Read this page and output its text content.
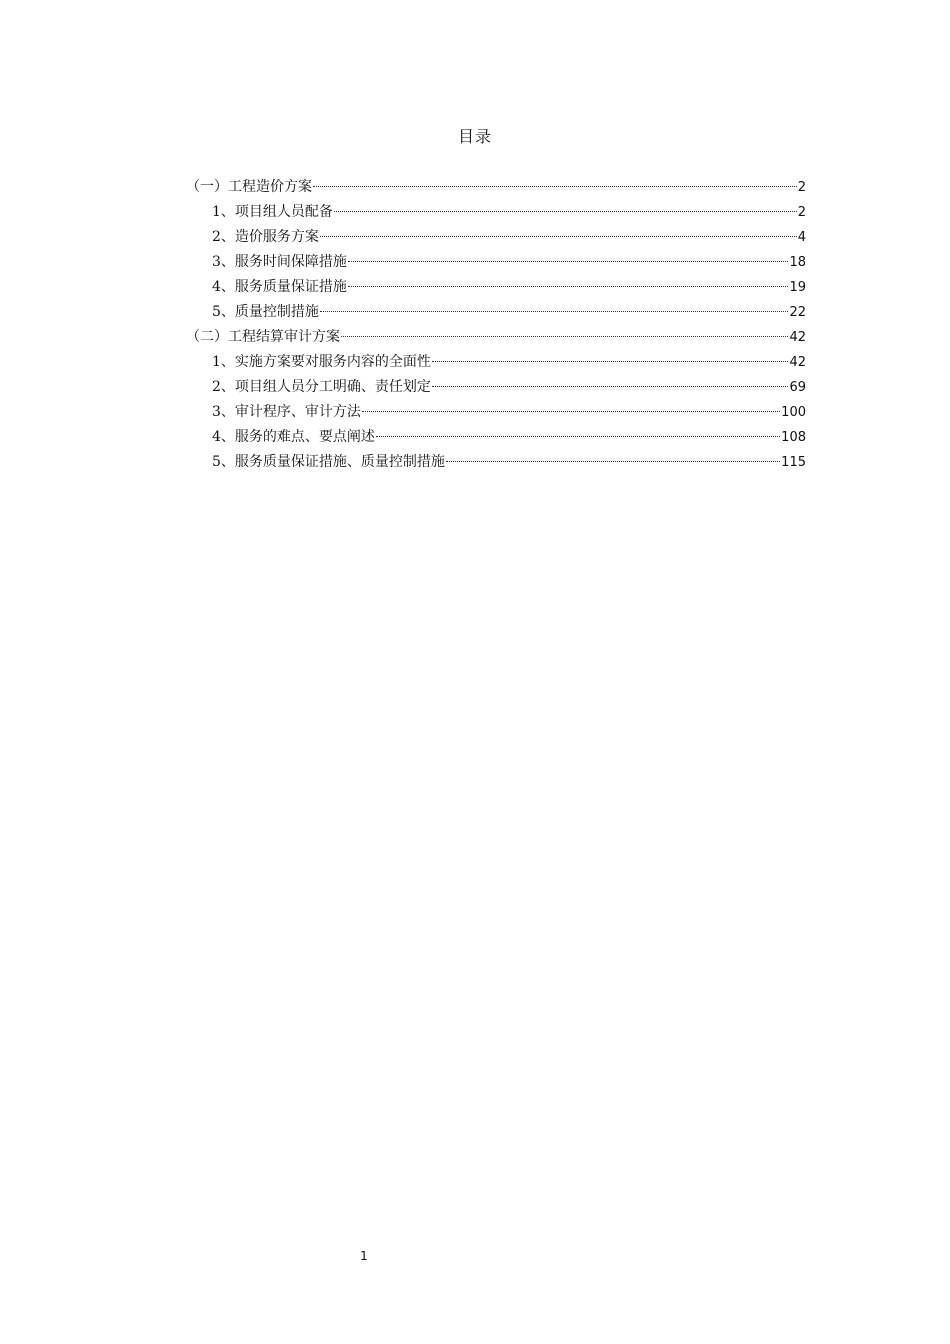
目录
（一）工程造价方案	2
1、项目组人员配备	2
2、造价服务方案	4
3、服务时间保障措施	18
4、服务质量保证措施	19
5、质量控制措施	22
（二）工程结算审计方案	42
1、实施方案要对服务内容的全面性	42
2、项目组人员分工明确、责任划定	69
3、审计程序、审计方法	100
4、服务的难点、要点阐述	108
5、服务质量保证措施、质量控制措施	115
1
